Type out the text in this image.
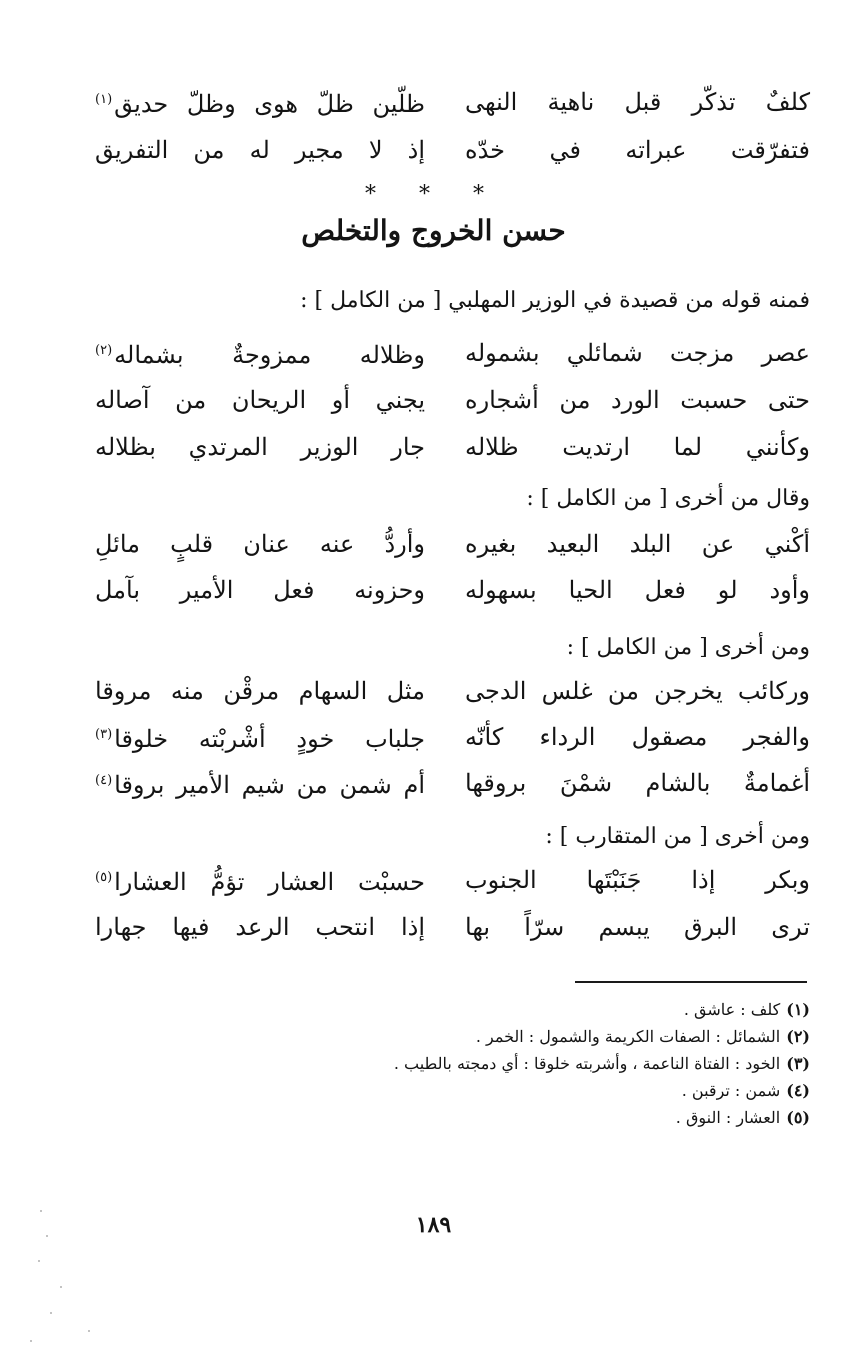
كلفٌ تذكّر قبل ناهية النهى
ظلّين ظلّ هوى وظلّ حديق$^{(١)}$
فتفرّقت عبراته في خدّه
إذ لا مجير له من التفريق
* * *
حسن الخروج والتخلص
فمنه قوله من قصيدة في الوزير المهلبي [ من الكامل ] :
عصر مزجت شمائلي بشموله
وظلاله ممزوجةٌ بشماله$^{(٢)}$
حتى حسبت الورد من أشجاره
يجني أو الريحان من آصاله
وكأنني لما ارتديت ظلاله
جار الوزير المرتدي بظلاله
وقال من أخرى [ من الكامل ] :
أكْني عن البلد البعيد بغيره
وأردُّ عنه عنان قلبٍ مائلِ
وأود لو فعل الحيا بسهوله
وحزونه فعل الأمير بآمل
ومن أخرى [ من الكامل ] :
وركائب يخرجن من غلس الدجى
مثل السهام مرقْن منه مروقا
والفجر مصقول الرداء كأنّه
جلباب خودٍ أشْربْته خلوقا$^{(٣)}$
أغمامةٌ بالشام شمْنَ بروقها
أم شمن من شيم الأمير بروقا$^{(٤)}$
ومن أخرى [ من المتقارب ] :
وبكر إذا جَنَبْتَها الجنوب
حسبْت العشار تؤمُّ العشارا$^{(٥)}$
ترى البرق يبسم سرّاً بها
إذا انتحب الرعد فيها جهارا
(١)كلف : عاشق .
(٢)الشمائل : الصفات الكريمة والشمول : الخمر .
(٣)الخود : الفتاة الناعمة ، وأشربته خلوقا : أي دمجته بالطيب .
(٤)شمن : ترقبن .
(٥)العشار : النوق .
١٨٩
